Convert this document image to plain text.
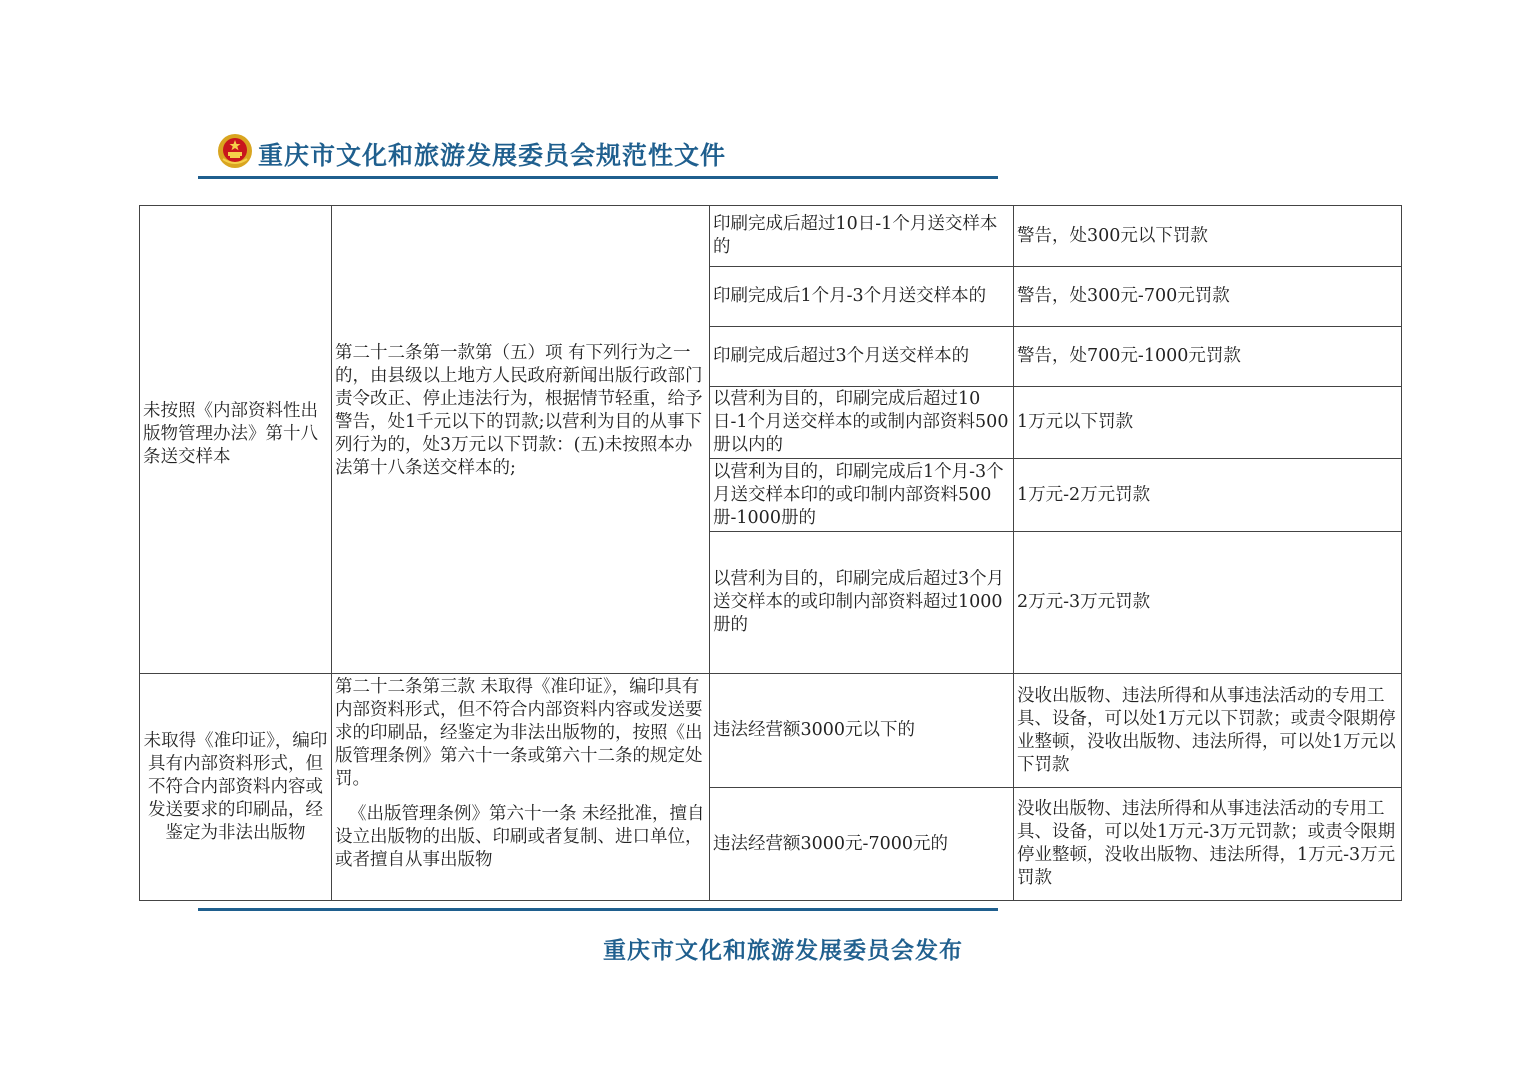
重庆市文化和旅游发展委员会规范性文件
未按照《内部资料性出版物管理办法》第十八条送交样本
第二十二条第一款第（五）项 有下列行为之一的，由县级以上地方人民政府新闻出版行政部门责令改正、停止违法行为，根据情节轻重，给予警告，处1千元以下的罚款;以营利为目的从事下列行为的，处3万元以下罚款：(五)未按照本办法第十八条送交样本的;
印刷完成后超过10日-1个月送交样本的
警告，处300元以下罚款
印刷完成后1个月-3个月送交样本的	警告，处300元-700元罚款
印刷完成后超过3个月送交样本的	警告，处700元-1000元罚款
以营利为目的，印刷完成后超过10日-1个月送交样本的或制内部资料500册以内的
1万元以下罚款
以营利为目的，印刷完成后1个月-3个月送交样本印的或印制内部资料500册-1000册的
1万元-2万元罚款
以营利为目的，印刷完成后超过3个月送交样本的或印制内部资料超过1000册的
2万元-3万元罚款
未取得《准印证》，编印具有内部资料形式，但不符合内部资料内容或发送要求的印刷品，经鉴定为非法出版物
第二十二条第三款 未取得《准印证》，编印具有内部资料形式，但不符合内部资料内容或发送要求的印刷品，经鉴定为非法出版物的，按照《出版管理条例》第六十一条或第六十二条的规定处罚。
《出版管理条例》第六十一条 未经批准，擅自设立出版物的出版、印刷或者复制、进口单位，或者擅自从事出版物
违法经营额3000元以下的
没收出版物、违法所得和从事违法活动的专用工具、设备，可以处1万元以下罚款；或责令限期停业整顿，没收出版物、违法所得，可以处1万元以下罚款
违法经营额3000元-7000元的
没收出版物、违法所得和从事违法活动的专用工具、设备，可以处1万元-3万元罚款；或责令限期停业整顿，没收出版物、违法所得，1万元-3万元罚款
重庆市文化和旅游发展委员会发布
